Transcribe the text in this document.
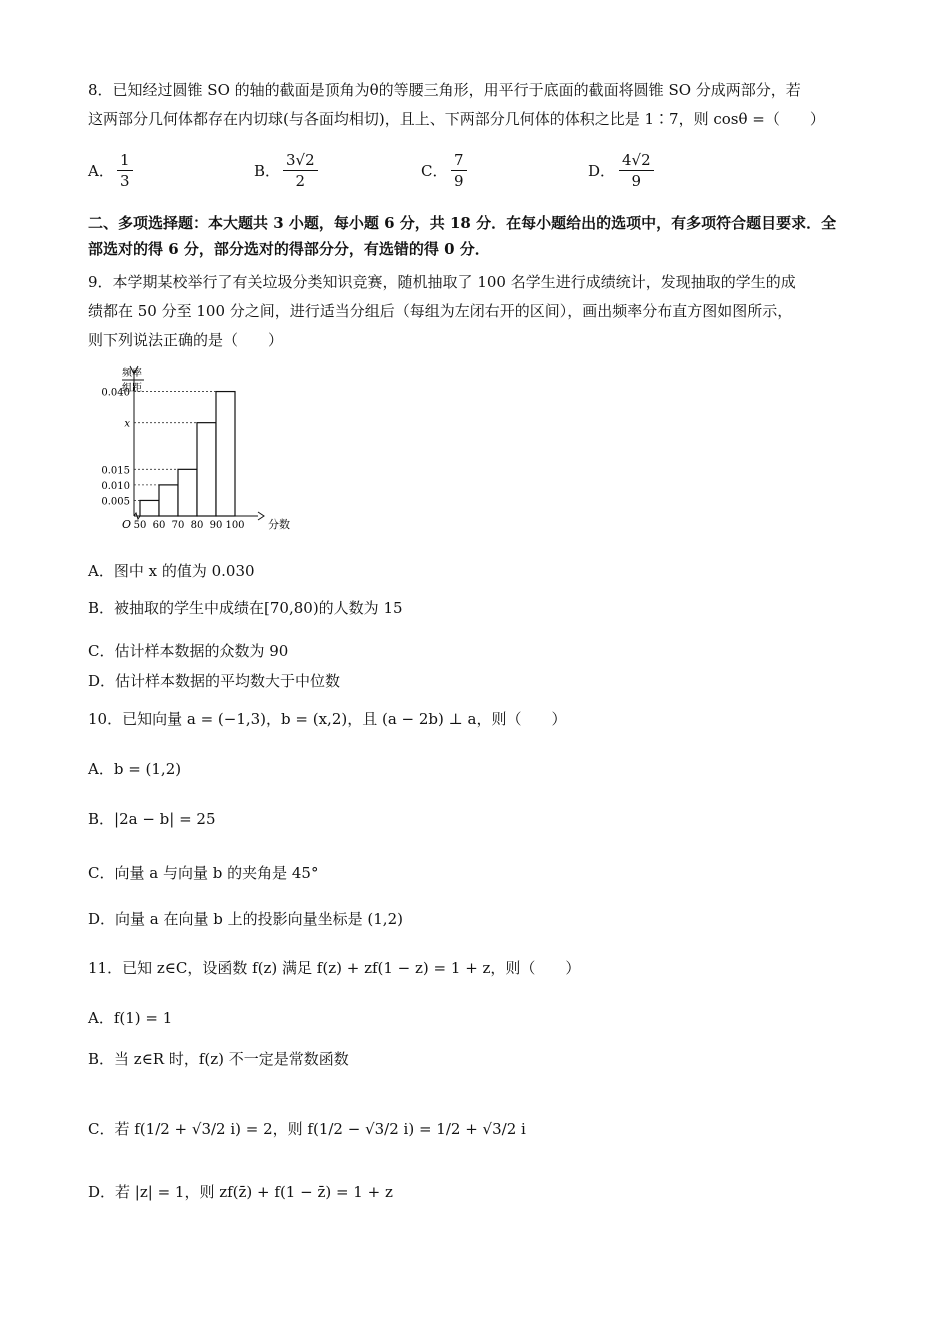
8．已知经过圆锥 SO 的轴的截面是顶角为θ的等腰三角形，用平行于底面的截面将圆锥 SO 分成两部分，若
这两部分几何体都存在内切球(与各面均相切)，且上、下两部分几何体的体积之比是 1∶7，则 cosθ =（　　）
A． $\frac{1}{3}$	B． $\frac{3√2}{2}$	C． $\frac{7}{9}$	D． $\frac{4√2}{9}$
二、多项选择题：本大题共 3 小题，每小题 6 分，共 18 分．在每小题给出的选项中，有多项符合题目要求．全
部选对的得 6 分，部分选对的得部分分，有选错的得 0 分．
9．本学期某校举行了有关垃圾分类知识竞赛，随机抽取了 100 名学生进行成绩统计，发现抽取的学生的成
绩都在 50 分至 100 分之间，进行适当分组后（每组为左闭右开的区间），画出频率分布直方图如图所示，
则下列说法正确的是（　　）
频率
组距
O
0.005
0.010
0.015
x
0.040
50 60 70 80 90 100 分数
A．图中 x 的值为 0.030
B．被抽取的学生中成绩在[70,80)的人数为 15
C．估计样本数据的众数为 90
D．估计样本数据的平均数大于中位数
10．已知向量 a = (−1,3)，b = (x,2)，且 (a − 2b) ⊥ a，则（　　）
A．b = (1,2)
B．|2a − b| = 25
C．向量 a 与向量 b 的夹角是 45°
D．向量 a 在向量 b 上的投影向量坐标是 (1,2)
11．已知 z∈C，设函数 f(z) 满足 f(z) + zf(1 − z) = 1 + z，则（　　）
A．f(1) = 1
B．当 z∈R 时，f(z) 不一定是常数函数
C．若 f(1/2 + √3/2 i) = 2，则 f(1/2 − √3/2 i) = 1/2 + √3/2 i
D．若 |z| = 1，则 zf(z̄) + f(1 − z̄) = 1 + z
